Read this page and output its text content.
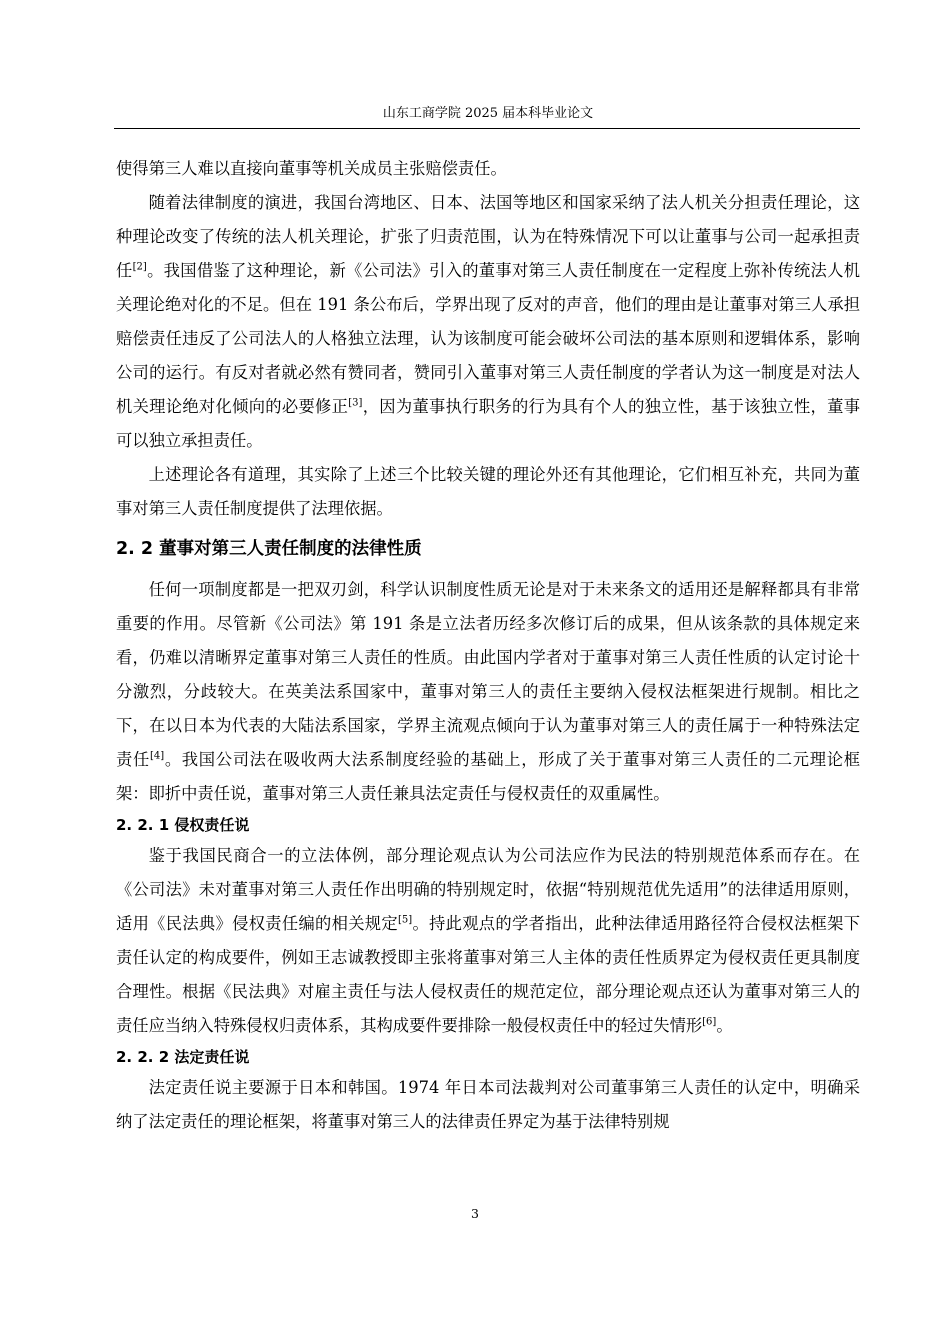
山东工商学院 2025 届本科毕业论文

使得第三人难以直接向董事等机关成员主张赔偿责任。

随着法律制度的演进，我国台湾地区、日本、法国等地区和国家采纳了法人机关分担责任理论，这种理论改变了传统的法人机关理论，扩张了归责范围，认为在特殊情况下可以让董事与公司一起承担责任[2]。我国借鉴了这种理论，新《公司法》引入的董事对第三人责任制度在一定程度上弥补传统法人机关理论绝对化的不足。但在 191 条公布后，学界出现了反对的声音，他们的理由是让董事对第三人承担赔偿责任违反了公司法人的人格独立法理，认为该制度可能会破坏公司法的基本原则和逻辑体系，影响公司的运行。有反对者就必然有赞同者，赞同引入董事对第三人责任制度的学者认为这一制度是对法人机关理论绝对化倾向的必要修正[3]，因为董事执行职务的行为具有个人的独立性，基于该独立性，董事可以独立承担责任。

上述理论各有道理，其实除了上述三个比较关键的理论外还有其他理论，它们相互补充，共同为董事对第三人责任制度提供了法理依据。

2. 2 董事对第三人责任制度的法律性质

任何一项制度都是一把双刃剑，科学认识制度性质无论是对于未来条文的适用还是解释都具有非常重要的作用。尽管新《公司法》第 191 条是立法者历经多次修订后的成果，但从该条款的具体规定来看，仍难以清晰界定董事对第三人责任的性质。由此国内学者对于董事对第三人责任性质的认定讨论十分激烈，分歧较大。在英美法系国家中，董事对第三人的责任主要纳入侵权法框架进行规制。相比之下，在以日本为代表的大陆法系国家，学界主流观点倾向于认为董事对第三人的责任属于一种特殊法定责任[4]。我国公司法在吸收两大法系制度经验的基础上，形成了关于董事对第三人责任的二元理论框架：即折中责任说，董事对第三人责任兼具法定责任与侵权责任的双重属性。

2. 2. 1 侵权责任说

鉴于我国民商合一的立法体例，部分理论观点认为公司法应作为民法的特别规范体系而存在。在《公司法》未对董事对第三人责任作出明确的特别规定时，依据“特别规范优先适用”的法律适用原则，适用《民法典》侵权责任编的相关规定[5]。持此观点的学者指出，此种法律适用路径符合侵权法框架下责任认定的构成要件，例如王志诚教授即主张将董事对第三人主体的责任性质界定为侵权责任更具制度合理性。根据《民法典》对雇主责任与法人侵权责任的规范定位，部分理论观点还认为董事对第三人的责任应当纳入特殊侵权归责体系，其构成要件要排除一般侵权责任中的轻过失情形[6]。

2. 2. 2 法定责任说

法定责任说主要源于日本和韩国。1974 年日本司法裁判对公司董事第三人责任的认定中，明确采纳了法定责任的理论框架，将董事对第三人的法律责任界定为基于法律特别规

3
